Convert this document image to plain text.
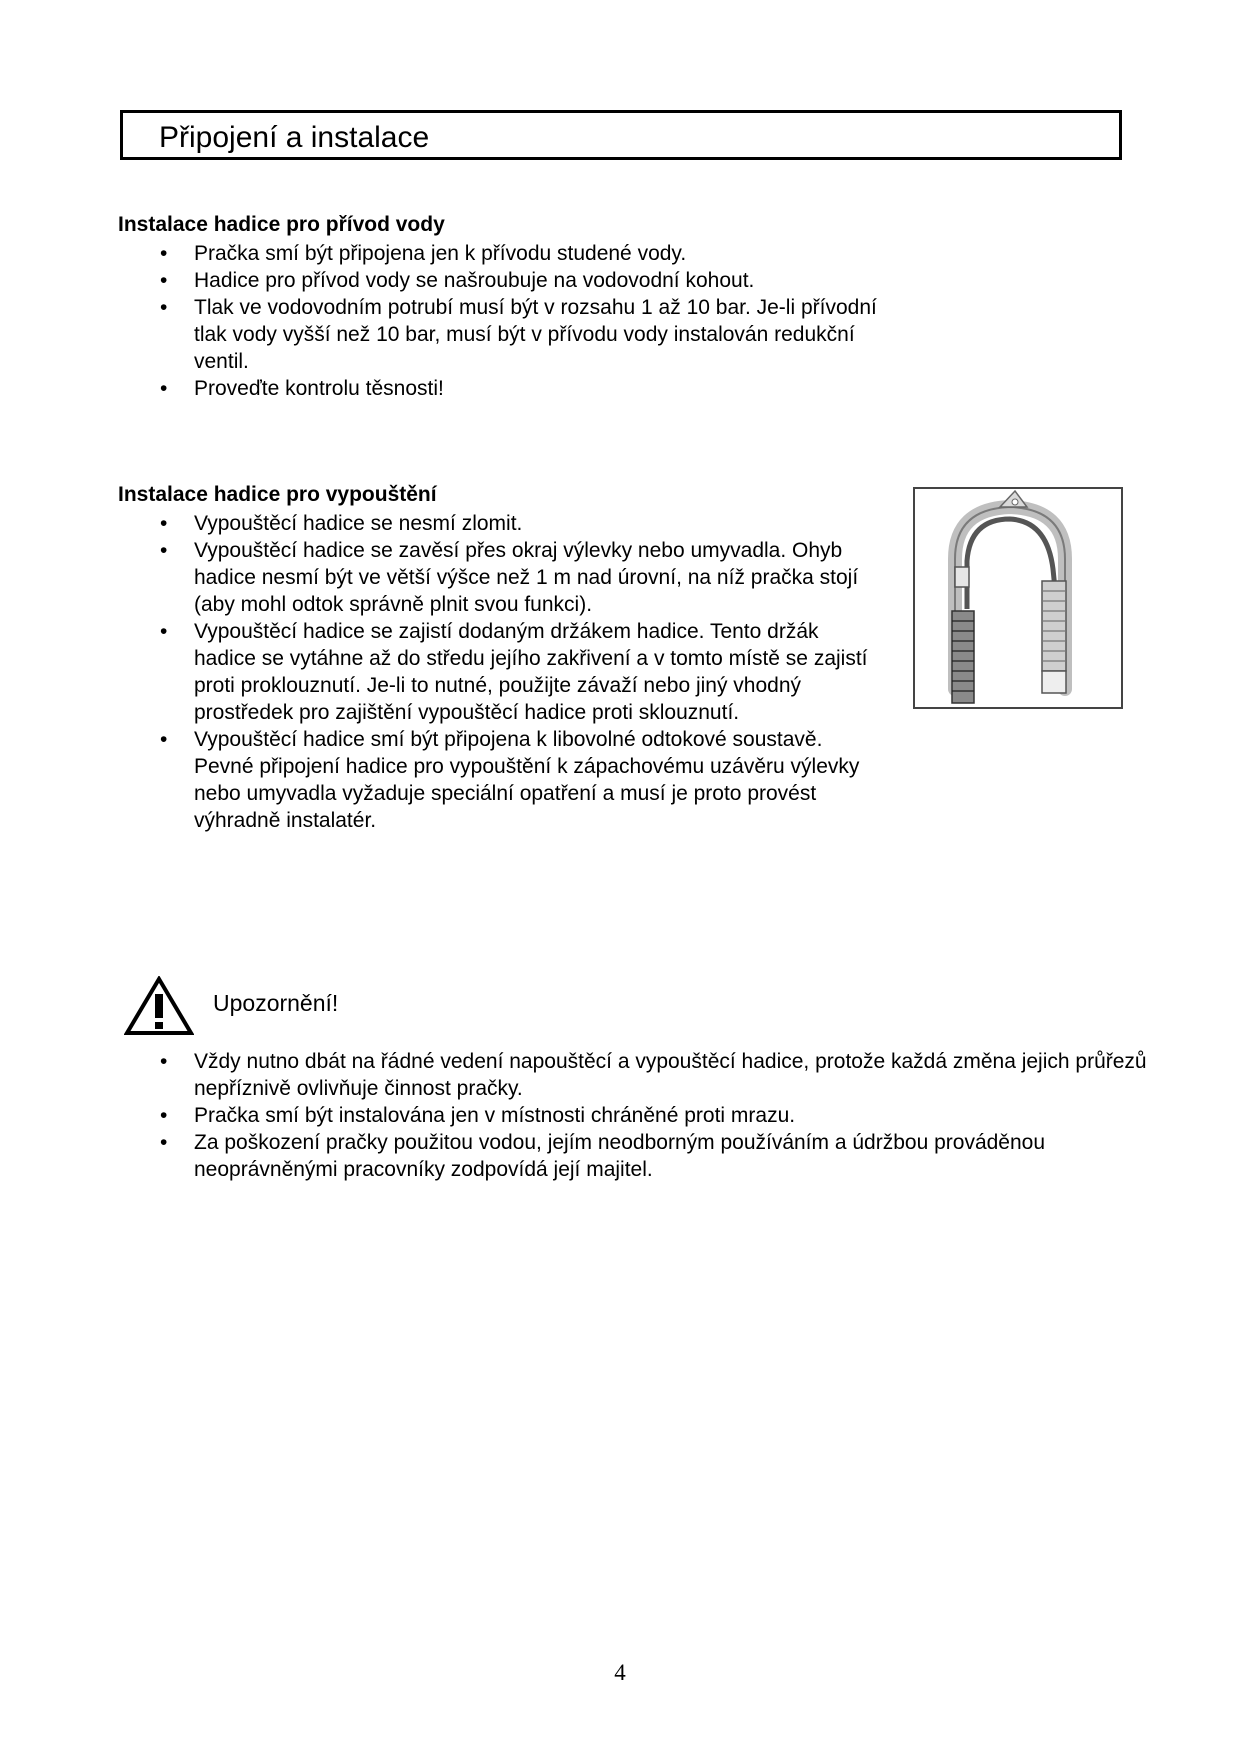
Připojení a instalace
Instalace hadice pro přívod vody
• Pračka smí být připojena jen k přívodu studené vody.
• Hadice pro přívod vody se našroubuje na vodovodní kohout.
• Tlak ve vodovodním potrubí musí být v rozsahu 1 až 10 bar. Je-li přívodní tlak vody vyšší než 10 bar, musí být v přívodu vody instalován redukční ventil.
• Proveďte kontrolu těsnosti!
Instalace hadice pro vypouštění
• Vypouštěcí hadice se nesmí zlomit.
• Vypouštěcí hadice se zavěsí přes okraj výlevky nebo umyvadla. Ohyb hadice nesmí být ve větší výšce než 1 m nad úrovní, na níž pračka stojí (aby mohl odtok správně plnit svou funkci).
• Vypouštěcí hadice se zajistí dodaným držákem hadice. Tento držák hadice se vytáhne až do středu jejího zakřivení a v tomto místě se zajistí proti proklouznutí. Je-li to nutné, použijte závaží nebo jiný vhodný prostředek pro zajištění vypouštěcí hadice proti sklouznutí.
• Vypouštěcí hadice smí být připojena k libovolné odtokové soustavě. Pevné připojení hadice pro vypouštění k zápachovému uzávěru výlevky nebo umyvadla vyžaduje speciální opatření a musí je proto provést výhradně instalatér.
Upozornění!
• Vždy nutno dbát na řádné vedení napouštěcí a vypouštěcí hadice, protože každá změna jejich průřezů nepříznivě ovlivňuje činnost pračky.
• Pračka smí být instalována jen v místnosti chráněné proti mrazu.
• Za poškození pračky použitou vodou, jejím neodborným používáním a údržbou prováděnou neoprávněnými pracovníky zodpovídá její majitel.
4
